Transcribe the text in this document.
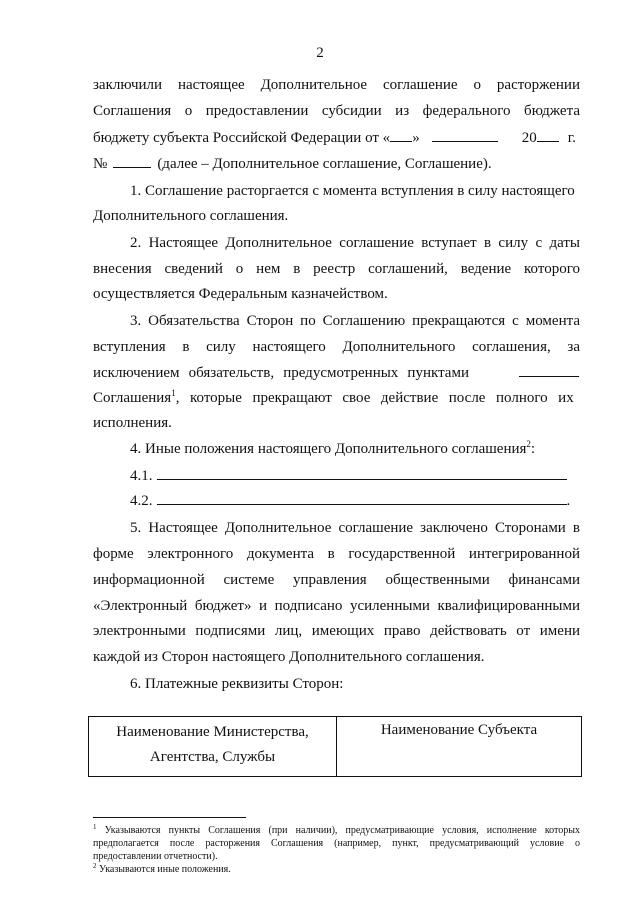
2
заключили настоящее Дополнительное соглашение о расторжении
Соглашения о предоставлении субсидии из федерального бюджета
бюджету субъекта Российской Федерации от « »	20 г.
№	(далее – Дополнительное соглашение, Соглашение).
1. Соглашение расторгается с момента вступления в силу настоящего
Дополнительного соглашения.
2. Настоящее Дополнительное соглашение вступает в силу с даты
внесения сведений о нем в реестр соглашений, ведение которого
осуществляется Федеральным казначейством.
3. Обязательства Сторон по Соглашению прекращаются с момента
вступления в силу настоящего Дополнительного соглашения, за
исключением обязательств, предусмотренных пунктами
Соглашения$^1$, которые прекращают свое действие после полного их
исполнения.
4. Иные положения настоящего Дополнительного соглашения$^2$:
4.1.
4.2.	.
5. Настоящее Дополнительное соглашение заключено Сторонами в
форме электронного документа в государственной интегрированной
информационной системе управления общественными финансами
«Электронный бюджет» и подписано усиленными квалифицированными
электронными подписями лиц, имеющих право действовать от имени
каждой из Сторон настоящего Дополнительного соглашения.
6. Платежные реквизиты Сторон:
Наименование Министерства,
Агентства, Службы
Наименование Субъекта
$^1$ Указываются пункты Соглашения (при наличии), предусматривающие условия, исполнение которых
предполагается после расторжения Соглашения (например, пункт, предусматривающий условие о
предоставлении отчетности).
$^2$ Указываются иные положения.
